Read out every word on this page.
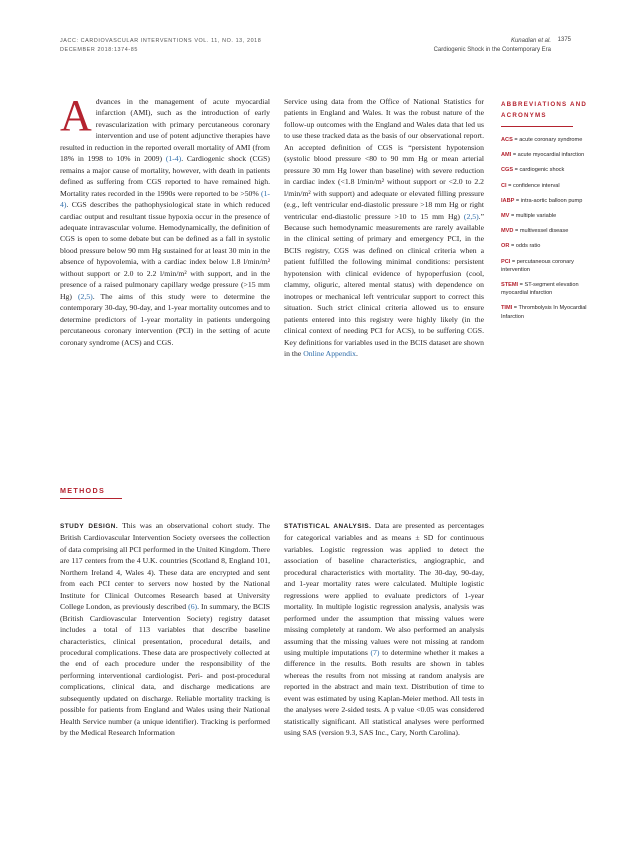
JACC: CARDIOVASCULAR INTERVENTIONS VOL. 11, NO. 13, 2018
DECEMBER 2018:1374-85
Kunadian et al.
Cardiogenic Shock in the Contemporary Era
1375

Advances in the management of acute myocardial infarction (AMI), such as the introduction of early revascularization with primary percutaneous coronary intervention and use of potent adjunctive therapies have resulted in reduction in the reported overall mortality of AMI (from 18% in 1998 to 10% in 2009) (1-4). Cardiogenic shock (CGS) remains a major cause of mortality, however, with death in patients defined as suffering from CGS reported to have remained high. Mortality rates recorded in the 1990s were reported to be >50% (1-4). CGS describes the pathophysiological state in which reduced cardiac output and resultant tissue hypoxia occur in the presence of adequate intravascular volume. Hemodynamically, the definition of CGS is open to some debate but can be defined as a fall in systolic blood pressure below 90 mm Hg sustained for at least 30 min in the absence of hypovolemia, with a cardiac index below 1.8 l/min/m² without support or 2.0 to 2.2 l/min/m² with support, and in the presence of a raised pulmonary capillary wedge pressure (>15 mm Hg) (2,5). The aims of this study were to determine the contemporary 30-day, 90-day, and 1-year mortality outcomes and to determine predictors of 1-year mortality in patients undergoing percutaneous coronary intervention (PCI) in the setting of acute coronary syndrome (ACS) and CGS.

METHODS

STUDY DESIGN. This was an observational cohort study. The British Cardiovascular Intervention Society oversees the collection of data comprising all PCI performed in the United Kingdom. There are 117 centers from the 4 U.K. countries (Scotland 8, England 101, Northern Ireland 4, Wales 4). These data are encrypted and sent from each PCI center to servers now hosted by the National Institute for Clinical Outcomes Research based at University College London, as previously described (6). In summary, the BCIS (British Cardiovascular Intervention Society) registry dataset includes a total of 113 variables that describe baseline characteristics, clinical presentation, procedural details, and procedural complications. These data are prospectively collected at the end of each procedure under the responsibility of the performing interventional cardiologist. Peri- and post-procedural complications, clinical data, and discharge medications are subsequently updated on discharge. Reliable mortality tracking is possible for patients from England and Wales using their National Health Service number (a unique identifier). Tracking is performed by the Medical Research Information

Service using data from the Office of National Statistics for patients in England and Wales. It was the robust nature of the follow-up outcomes with the England and Wales data that led us to use these tracked data as the basis of our observational report. An accepted definition of CGS is “persistent hypotension (systolic blood pressure <80 to 90 mm Hg or mean arterial pressure 30 mm Hg lower than baseline) with severe reduction in cardiac index (<1.8 l/min/m² without support or <2.0 to 2.2 l/min/m² with support) and adequate or elevated filling pressure (e.g., left ventricular end-diastolic pressure >18 mm Hg or right ventricular end-diastolic pressure >10 to 15 mm Hg) (2,5).” Because such hemodynamic measurements are rarely available in the clinical setting of primary and emergency PCI, in the BCIS registry, CGS was defined on clinical criteria when a patient fulfilled the following minimal conditions: persistent hypotension with clinical evidence of hypoperfusion (cool, clammy, oliguric, altered mental status) with dependence on inotropes or mechanical left ventricular support to correct this situation. Such strict clinical criteria allowed us to ensure patients entered into this registry were highly likely (in the clinical context of needing PCI for ACS), to be suffering CGS. Key definitions for variables used in the BCIS dataset are shown in the Online Appendix.

STATISTICAL ANALYSIS. Data are presented as percentages for categorical variables and as means ± SD for continuous variables. Logistic regression was applied to detect the association of baseline characteristics, angiographic, and procedural characteristics with mortality. The 30-day, 90-day, and 1-year mortality rates were calculated. Multiple logistic regressions were applied to evaluate predictors of 1-year mortality. In multiple logistic regression analysis, analysis was performed under the assumption that missing values were missing completely at random. We also performed an analysis assuming that the missing values were not missing at random using multiple imputations (7) to determine whether it makes a difference in the results. Both results are shown in tables whereas the results from not missing at random analysis are reported in the abstract and main text. Distribution of time to event was estimated by using Kaplan-Meier method. All tests in the analyses were 2-sided tests. A p value <0.05 was considered statistically significant. All statistical analyses were performed using SAS (version 9.3, SAS Inc., Cary, North Carolina).

ABBREVIATIONS AND ACRONYMS
ACS = acute coronary syndrome
AMI = acute myocardial infarction
CGS = cardiogenic shock
CI = confidence interval
IABP = intra-aortic balloon pump
MV = multiple variable
MVD = multivessel disease
OR = odds ratio
PCI = percutaneous coronary intervention
STEMI = ST-segment elevation myocardial infarction
TIMI = Thrombolysis In Myocardial Infarction
